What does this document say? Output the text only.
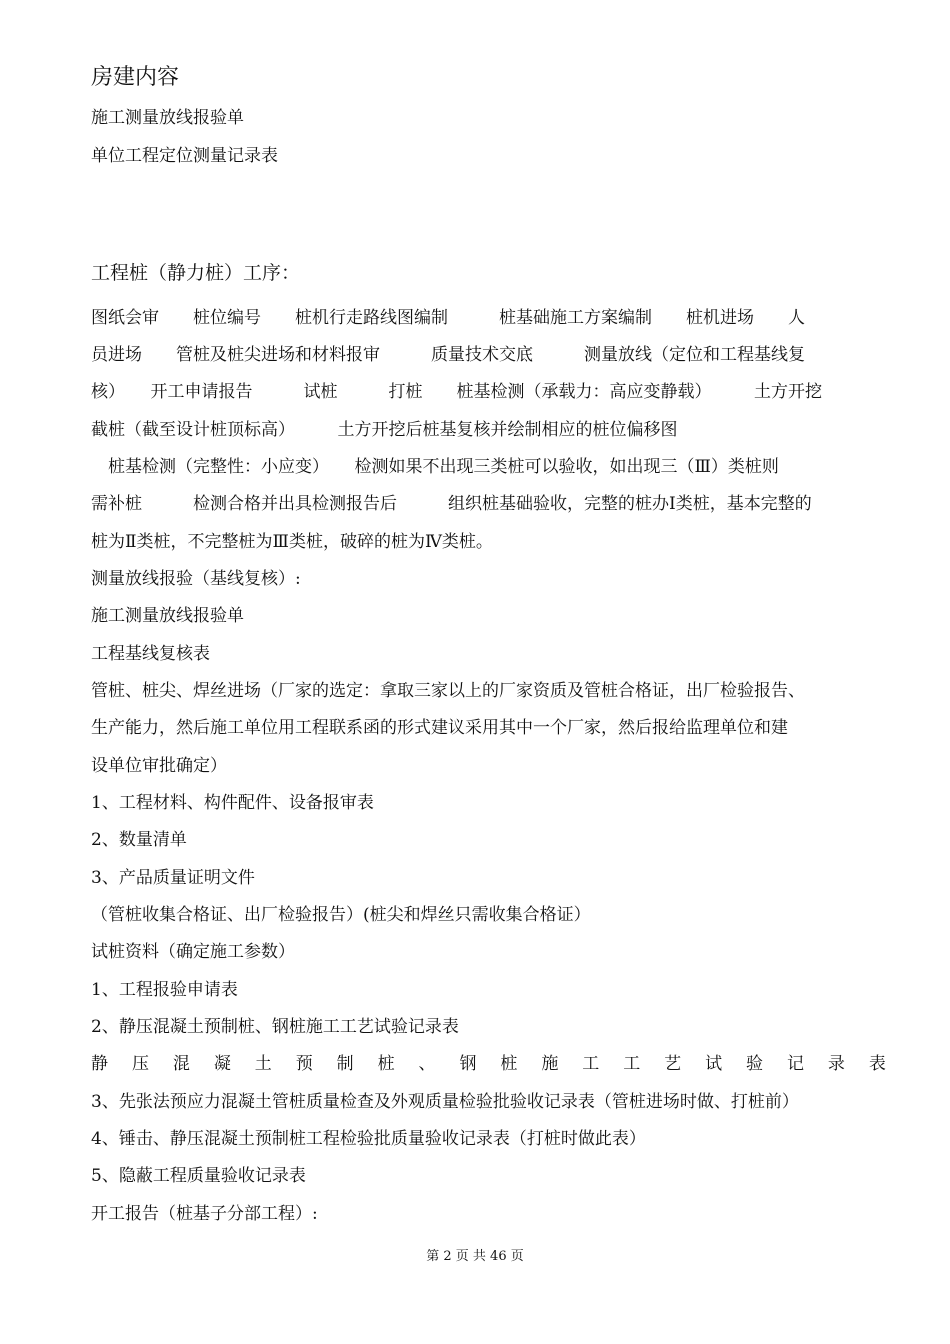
房建内容
施工测量放线报验单
单位工程定位测量记录表
工程桩（静力桩）工序：
图纸会审　　桩位编号　　桩机行走路线图编制　　　桩基础施工方案编制　　桩机进场　　人
员进场　　管桩及桩尖进场和材料报审　　　质量技术交底　　　测量放线（定位和工程基线复
核）　　开工申请报告　　　试桩　　　打桩　　桩基检测（承载力：高应变静载）　　　土方开挖
截桩（截至设计桩顶标高）　　　土方开挖后桩基复核并绘制相应的桩位偏移图
　桩基检测（完整性：小应变）　　检测如果不出现三类桩可以验收，如出现三（Ⅲ）类桩则
需补桩　　　检测合格并出具检测报告后　　　组织桩基础验收，完整的桩办Ⅰ类桩，基本完整的
桩为Ⅱ类桩，不完整桩为Ⅲ类桩，破碎的桩为Ⅳ类桩。
测量放线报验（基线复核）:
施工测量放线报验单
工程基线复核表
管桩、桩尖、焊丝进场（厂家的选定：拿取三家以上的厂家资质及管桩合格证，出厂检验报告、
生产能力，然后施工单位用工程联系函的形式建议采用其中一个厂家，然后报给监理单位和建
设单位审批确定）
1、工程材料、构件配件、设备报审表
2、数量清单
3、产品质量证明文件
（管桩收集合格证、出厂检验报告）(桩尖和焊丝只需收集合格证）
试桩资料（确定施工参数）
1、工程报验申请表
2、静压混凝土预制桩、钢桩施工工艺试验记录表
静 压 混 凝 土 预 制 桩 、 钢 桩 施 工 工 艺 试 验 记 录 表
3、先张法预应力混凝土管桩质量检查及外观质量检验批验收记录表（管桩进场时做、打桩前）
4、锤击、静压混凝土预制桩工程检验批质量验收记录表（打桩时做此表）
5、隐蔽工程质量验收记录表
开工报告（桩基子分部工程）:
第 2 页 共 46 页
